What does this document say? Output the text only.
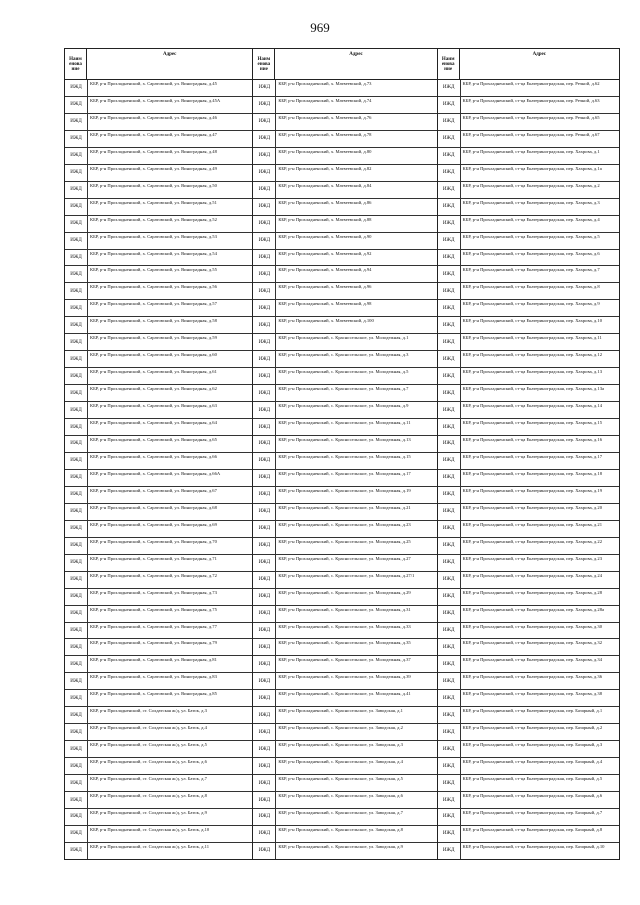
969
Наим енова ние
Адрес
ИЖД
КБР, р-н Прохладненский, х. Саратовский, ул. Виноградная, д.45
ИЖД
КБР, р-н Прохладненский, х. Саратовский, ул. Виноградная, д.45А
ИЖД
КБР, р-н Прохладненский, х. Саратовский, ул. Виноградная, д.46
ИЖД
КБР, р-н Прохладненский, х. Саратовский, ул. Виноградная, д.47
ИЖД
КБР, р-н Прохладненский, х. Саратовский, ул. Виноградная, д.48
ИЖД
КБР, р-н Прохладненский, х. Саратовский, ул. Виноградная, д.49
ИЖД
КБР, р-н Прохладненский, х. Саратовский, ул. Виноградная, д.50
ИЖД
КБР, р-н Прохладненский, х. Саратовский, ул. Виноградная, д.51
ИЖД
КБР, р-н Прохладненский, х. Саратовский, ул. Виноградная, д.52
ИЖД
КБР, р-н Прохладненский, х. Саратовский, ул. Виноградная, д.53
ИЖД
КБР, р-н Прохладненский, х. Саратовский, ул. Виноградная, д.54
ИЖД
КБР, р-н Прохладненский, х. Саратовский, ул. Виноградная, д.55
ИЖД
КБР, р-н Прохладненский, х. Саратовский, ул. Виноградная, д.56
ИЖД
КБР, р-н Прохладненский, х. Саратовский, ул. Виноградная, д.57
ИЖД
КБР, р-н Прохладненский, х. Саратовский, ул. Виноградная, д.58
ИЖД
КБР, р-н Прохладненский, х. Саратовский, ул. Виноградная, д.59
ИЖД
КБР, р-н Прохладненский, х. Саратовский, ул. Виноградная, д.60
ИЖД
КБР, р-н Прохладненский, х. Саратовский, ул. Виноградная, д.61
ИЖД
КБР, р-н Прохладненский, х. Саратовский, ул. Виноградная, д.62
ИЖД
КБР, р-н Прохладненский, х. Саратовский, ул. Виноградная, д.63
ИЖД
КБР, р-н Прохладненский, х. Саратовский, ул. Виноградная, д.64
ИЖД
КБР, р-н Прохладненский, х. Саратовский, ул. Виноградная, д.65
ИЖД
КБР, р-н Прохладненский, х. Саратовский, ул. Виноградная, д.66
ИЖД
КБР, р-н Прохладненский, х. Саратовский, ул. Виноградная, д.66А
ИЖД
КБР, р-н Прохладненский, х. Саратовский, ул. Виноградная, д.67
ИЖД
КБР, р-н Прохладненский, х. Саратовский, ул. Виноградная, д.68
ИЖД
КБР, р-н Прохладненский, х. Саратовский, ул. Виноградная, д.69
ИЖД
КБР, р-н Прохладненский, х. Саратовский, ул. Виноградная, д.70
ИЖД
КБР, р-н Прохладненский, х. Саратовский, ул. Виноградная, д.71
ИЖД
КБР, р-н Прохладненский, х. Саратовский, ул. Виноградная, д.72
ИЖД
КБР, р-н Прохладненский, х. Саратовский, ул. Виноградная, д.73
ИЖД
КБР, р-н Прохладненский, х. Саратовский, ул. Виноградная, д.75
ИЖД
КБР, р-н Прохладненский, х. Саратовский, ул. Виноградная, д.77
ИЖД
КБР, р-н Прохладненский, х. Саратовский, ул. Виноградная, д.79
ИЖД
КБР, р-н Прохладненский, х. Саратовский, ул. Виноградная, д.81
ИЖД
КБР, р-н Прохладненский, х. Саратовский, ул. Виноградная, д.83
ИЖД
КБР, р-н Прохладненский, х. Саратовский, ул. Виноградная, д.85
ИЖД
КБР, р-н Прохладненский, ст. Солдатская ж/д, ул. Баток, д.3
ИЖД
КБР, р-н Прохладненский, ст. Солдатская ж/д, ул. Баток, д.4
ИЖД
КБР, р-н Прохладненский, ст. Солдатская ж/д, ул. Баток, д.5
ИЖД
КБР, р-н Прохладненский, ст. Солдатская ж/д, ул. Баток, д.6
ИЖД
КБР, р-н Прохладненский, ст. Солдатская ж/д, ул. Баток, д.7
ИЖД
КБР, р-н Прохладненский, ст. Солдатская ж/д, ул. Баток, д.8
ИЖД
КБР, р-н Прохладненский, ст. Солдатская ж/д, ул. Баток, д.9
ИЖД
КБР, р-н Прохладненский, ст. Солдатская ж/д, ул. Баток, д.10
ИЖД
КБР, р-н Прохладненский, ст. Солдатская ж/д, ул. Баток, д.11
Наим енова ние
Адрес
ИЖД
КБР, р-н Прохладненский, х. Матвеевский, д.73
ИЖД
КБР, р-н Прохладненский, х. Матвеевский, д.74
ИЖД
КБР, р-н Прохладненский, х. Матвеевский, д.76
ИЖД
КБР, р-н Прохладненский, х. Матвеевский, д.78
ИЖД
КБР, р-н Прохладненский, х. Матвеевский, д.80
ИЖД
КБР, р-н Прохладненский, х. Матвеевский, д.82
ИЖД
КБР, р-н Прохладненский, х. Матвеевский, д.84
ИЖД
КБР, р-н Прохладненский, х. Матвеевский, д.86
ИЖД
КБР, р-н Прохладненский, х. Матвеевский, д.88
ИЖД
КБР, р-н Прохладненский, х. Матвеевский, д.90
ИЖД
КБР, р-н Прохладненский, х. Матвеевский, д.92
ИЖД
КБР, р-н Прохладненский, х. Матвеевский, д.94
ИЖД
КБР, р-н Прохладненский, х. Матвеевский, д.96
ИЖД
КБР, р-н Прохладненский, х. Матвеевский, д.98
ИЖД
КБР, р-н Прохладненский, х. Матвеевский, д.100
ИЖД
КБР, р-н Прохладненский, с. Красносельское, ул. Молодежная, д.1
ИЖД
КБР, р-н Прохладненский, с. Красносельское, ул. Молодежная, д.3
ИЖД
КБР, р-н Прохладненский, с. Красносельское, ул. Молодежная, д.5
ИЖД
КБР, р-н Прохладненский, с. Красносельское, ул. Молодежная, д.7
ИЖД
КБР, р-н Прохладненский, с. Красносельское, ул. Молодежная, д.9
ИЖД
КБР, р-н Прохладненский, с. Красносельское, ул. Молодежная, д.11
ИЖД
КБР, р-н Прохладненский, с. Красносельское, ул. Молодежная, д.13
ИЖД
КБР, р-н Прохладненский, с. Красносельское, ул. Молодежная, д.15
ИЖД
КБР, р-н Прохладненский, с. Красносельское, ул. Молодежная, д.17
ИЖД
КБР, р-н Прохладненский, с. Красносельское, ул. Молодежная, д.19
ИЖД
КБР, р-н Прохладненский, с. Красносельское, ул. Молодежная, д.21
ИЖД
КБР, р-н Прохладненский, с. Красносельское, ул. Молодежная, д.23
ИЖД
КБР, р-н Прохладненский, с. Красносельское, ул. Молодежная, д.25
ИЖД
КБР, р-н Прохладненский, с. Красносельское, ул. Молодежная, д.27
ИЖД
КБР, р-н Прохладненский, с. Красносельское, ул. Молодежная, д.27/1
ИЖД
КБР, р-н Прохладненский, с. Красносельское, ул. Молодежная, д.29
ИЖД
КБР, р-н Прохладненский, с. Красносельское, ул. Молодежная, д.31
ИЖД
КБР, р-н Прохладненский, с. Красносельское, ул. Молодежная, д.33
ИЖД
КБР, р-н Прохладненский, с. Красносельское, ул. Молодежная, д.35
ИЖД
КБР, р-н Прохладненский, с. Красносельское, ул. Молодежная, д.37
ИЖД
КБР, р-н Прохладненский, с. Красносельское, ул. Молодежная, д.39
ИЖД
КБР, р-н Прохладненский, с. Красносельское, ул. Молодежная, д.41
ИЖД
КБР, р-н Прохладненский, с. Красносельское, ул. Заводская, д.1
ИЖД
КБР, р-н Прохладненский, с. Красносельское, ул. Заводская, д.2
ИЖД
КБР, р-н Прохладненский, с. Красносельское, ул. Заводская, д.3
ИЖД
КБР, р-н Прохладненский, с. Красносельское, ул. Заводская, д.4
ИЖД
КБР, р-н Прохладненский, с. Красносельское, ул. Заводская, д.5
ИЖД
КБР, р-н Прохладненский, с. Красносельское, ул. Заводская, д.6
ИЖД
КБР, р-н Прохладненский, с. Красносельское, ул. Заводская, д.7
ИЖД
КБР, р-н Прохладненский, с. Красносельское, ул. Заводская, д.8
ИЖД
КБР, р-н Прохладненский, с. Красносельское, ул. Заводская, д.9
Наим енова ние
Адрес
ИЖД
КБР, р-н Прохладненский, ст-ца Екатериноградская, пер. Речной, д.62
ИЖД
КБР, р-н Прохладненский, ст-ца Екатериноградская, пер. Речной, д.63
ИЖД
КБР, р-н Прохладненский, ст-ца Екатериноградская, пер. Речной, д.65
ИЖД
КБР, р-н Прохладненский, ст-ца Екатериноградская, пер. Речной, д.67
ИЖД
КБР, р-н Прохладненский, ст-ца Екатериноградская, пер. Хахрова, д.1
ИЖД
КБР, р-н Прохладненский, ст-ца Екатериноградская, пер. Хахрова, д.1а
ИЖД
КБР, р-н Прохладненский, ст-ца Екатериноградская, пер. Хахрова, д.2
ИЖД
КБР, р-н Прохладненский, ст-ца Екатериноградская, пер. Хахрова, д.3
ИЖД
КБР, р-н Прохладненский, ст-ца Екатериноградская, пер. Хахрова, д.4
ИЖД
КБР, р-н Прохладненский, ст-ца Екатериноградская, пер. Хахрова, д.5
ИЖД
КБР, р-н Прохладненский, ст-ца Екатериноградская, пер. Хахрова, д.6
ИЖД
КБР, р-н Прохладненский, ст-ца Екатериноградская, пер. Хахрова, д.7
ИЖД
КБР, р-н Прохладненский, ст-ца Екатериноградская, пер. Хахрова, д.8
ИЖД
КБР, р-н Прохладненский, ст-ца Екатериноградская, пер. Хахрова, д.9
ИЖД
КБР, р-н Прохладненский, ст-ца Екатериноградская, пер. Хахрова, д.10
ИЖД
КБР, р-н Прохладненский, ст-ца Екатериноградская, пер. Хахрова, д.11
ИЖД
КБР, р-н Прохладненский, ст-ца Екатериноградская, пер. Хахрова, д.12
ИЖД
КБР, р-н Прохладненский, ст-ца Екатериноградская, пер. Хахрова, д.13
ИЖД
КБР, р-н Прохладненский, ст-ца Екатериноградская, пер. Хахрова, д.13а
ИЖД
КБР, р-н Прохладненский, ст-ца Екатериноградская, пер. Хахрова, д.14
ИЖД
КБР, р-н Прохладненский, ст-ца Екатериноградская, пер. Хахрова, д.15
ИЖД
КБР, р-н Прохладненский, ст-ца Екатериноградская, пер. Хахрова, д.16
ИЖД
КБР, р-н Прохладненский, ст-ца Екатериноградская, пер. Хахрова, д.17
ИЖД
КБР, р-н Прохладненский, ст-ца Екатериноградская, пер. Хахрова, д.18
ИЖД
КБР, р-н Прохладненский, ст-ца Екатериноградская, пер. Хахрова, д.19
ИЖД
КБР, р-н Прохладненский, ст-ца Екатериноградская, пер. Хахрова, д.20
ИЖД
КБР, р-н Прохладненский, ст-ца Екатериноградская, пер. Хахрова, д.21
ИЖД
КБР, р-н Прохладненский, ст-ца Екатериноградская, пер. Хахрова, д.22
ИЖД
КБР, р-н Прохладненский, ст-ца Екатериноградская, пер. Хахрова, д.23
ИЖД
КБР, р-н Прохладненский, ст-ца Екатериноградская, пер. Хахрова, д.24
ИЖД
КБР, р-н Прохладненский, ст-ца Екатериноградская, пер. Хахрова, д.28
ИЖД
КБР, р-н Прохладненский, ст-ца Екатериноградская, пер. Хахрова, д.28а
ИЖД
КБР, р-н Прохладненский, ст-ца Екатериноградская, пер. Хахрова, д.30
ИЖД
КБР, р-н Прохладненский, ст-ца Екатериноградская, пер. Хахрова, д.32
ИЖД
КБР, р-н Прохладненский, ст-ца Екатериноградская, пер. Хахрова, д.34
ИЖД
КБР, р-н Прохладненский, ст-ца Екатериноградская, пер. Хахрова, д.36
ИЖД
КБР, р-н Прохладненский, ст-ца Екатериноградская, пер. Хахрова, д.38
ИЖД
КБР, р-н Прохладненский, ст-ца Екатериноградская, пер. Базарный, д.1
ИЖД
КБР, р-н Прохладненский, ст-ца Екатериноградская, пер. Базарный, д.2
ИЖД
КБР, р-н Прохладненский, ст-ца Екатериноградская, пер. Базарный, д.3
ИЖД
КБР, р-н Прохладненский, ст-ца Екатериноградская, пер. Базарный, д.4
ИЖД
КБР, р-н Прохладненский, ст-ца Екатериноградская, пер. Базарный, д.5
ИЖД
КБР, р-н Прохладненский, ст-ца Екатериноградская, пер. Базарный, д.6
ИЖД
КБР, р-н Прохладненский, ст-ца Екатериноградская, пер. Базарный, д.7
ИЖД
КБР, р-н Прохладненский, ст-ца Екатериноградская, пер. Базарный, д.8
ИЖД
КБР, р-н Прохладненский, ст-ца Екатериноградская, пер. Базарный, д.10
